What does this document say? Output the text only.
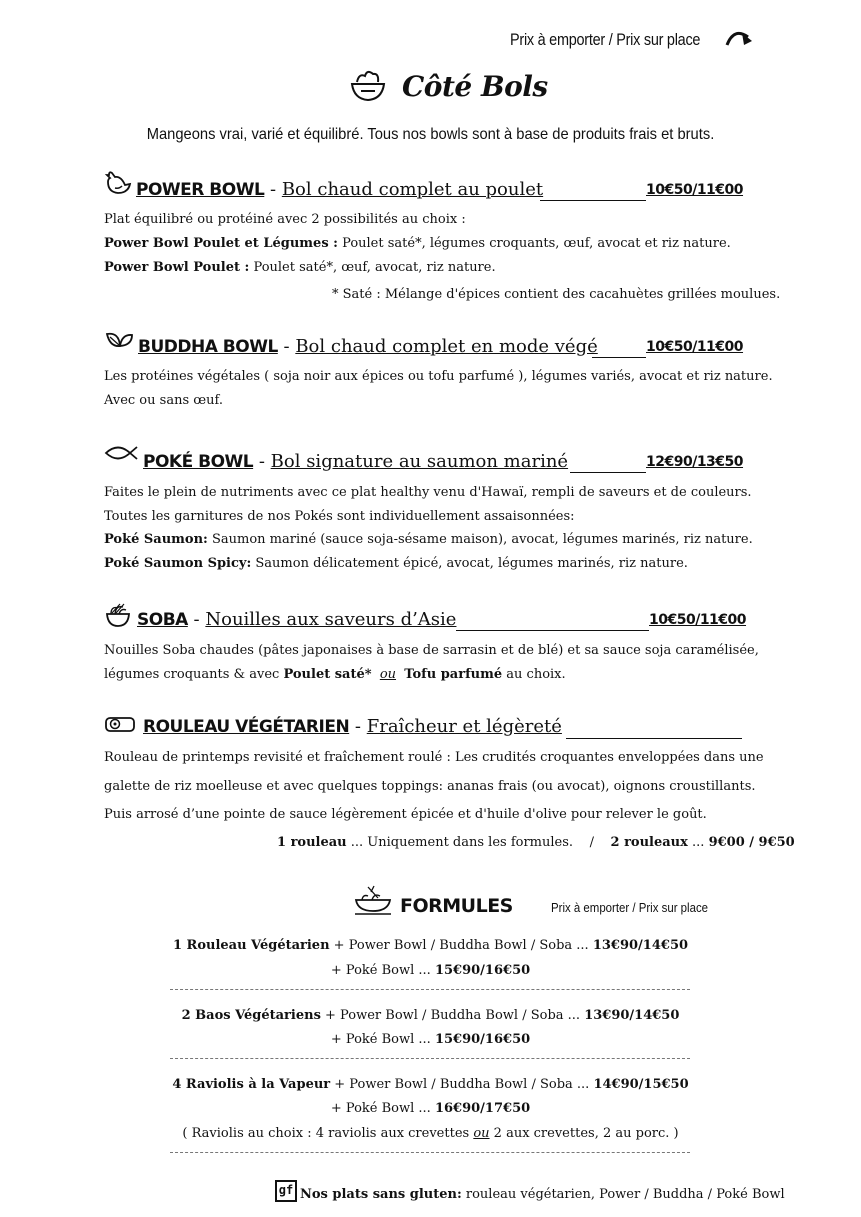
Prix à emporter / Prix sur place
Côté Bols
Mangeons vrai, varié et équilibré. Tous nos bowls sont à base de produits frais et bruts.
POWER BOWL - Bol chaud complet au poulet	10€50/11€00
Plat équilibré ou protéiné avec 2 possibilités au choix :
Power Bowl Poulet et Légumes : Poulet saté*, légumes croquants, œuf, avocat et riz nature.
Power Bowl Poulet : Poulet saté*, œuf, avocat, riz nature.
* Saté : Mélange d'épices contient des cacahuètes grillées moulues.
BUDDHA BOWL - Bol chaud complet en mode végé	10€50/11€00
Les protéines végétales ( soja noir aux épices ou tofu parfumé ), légumes variés, avocat et riz nature.
Avec ou sans œuf.
POKÉ BOWL - Bol signature au saumon mariné	12€90/13€50
Faites le plein de nutriments avec ce plat healthy venu d'Hawaï, rempli de saveurs et de couleurs.
Toutes les garnitures de nos Pokés sont individuellement assaisonnées:
Poké Saumon: Saumon mariné (sauce soja-sésame maison), avocat, légumes marinés, riz nature.
Poké Saumon Spicy: Saumon délicatement épicé, avocat, légumes marinés, riz nature.
SOBA - Nouilles aux saveurs d’Asie	10€50/11€00
Nouilles Soba chaudes (pâtes japonaises à base de sarrasin et de blé) et sa sauce soja caramélisée,
légumes croquants & avec Poulet saté* ou Tofu parfumé au choix.
ROULEAU VÉGÉTARIEN - Fraîcheur et légèreté
Rouleau de printemps revisité et fraîchement roulé : Les crudités croquantes enveloppées dans une
galette de riz moelleuse et avec quelques toppings: ananas frais (ou avocat), oignons croustillants.
Puis arrosé d’une pointe de sauce légèrement épicée et d'huile d'olive pour relever le goût.
1 rouleau ... Uniquement dans les formules. / 2 rouleaux ... 9€00 / 9€50
FORMULES	Prix à emporter / Prix sur place
1 Rouleau Végétarien + Power Bowl / Buddha Bowl / Soba ... 13€90/14€50
+ Poké Bowl ... 15€90/16€50
2 Baos Végétariens + Power Bowl / Buddha Bowl / Soba ... 13€90/14€50
+ Poké Bowl ... 15€90/16€50
4 Raviolis à la Vapeur + Power Bowl / Buddha Bowl / Soba ... 14€90/15€50
+ Poké Bowl ... 16€90/17€50
( Raviolis au choix : 4 raviolis aux crevettes ou 2 aux crevettes, 2 au porc. )
gf Nos plats sans gluten: rouleau végétarien, Power / Buddha / Poké Bowl
